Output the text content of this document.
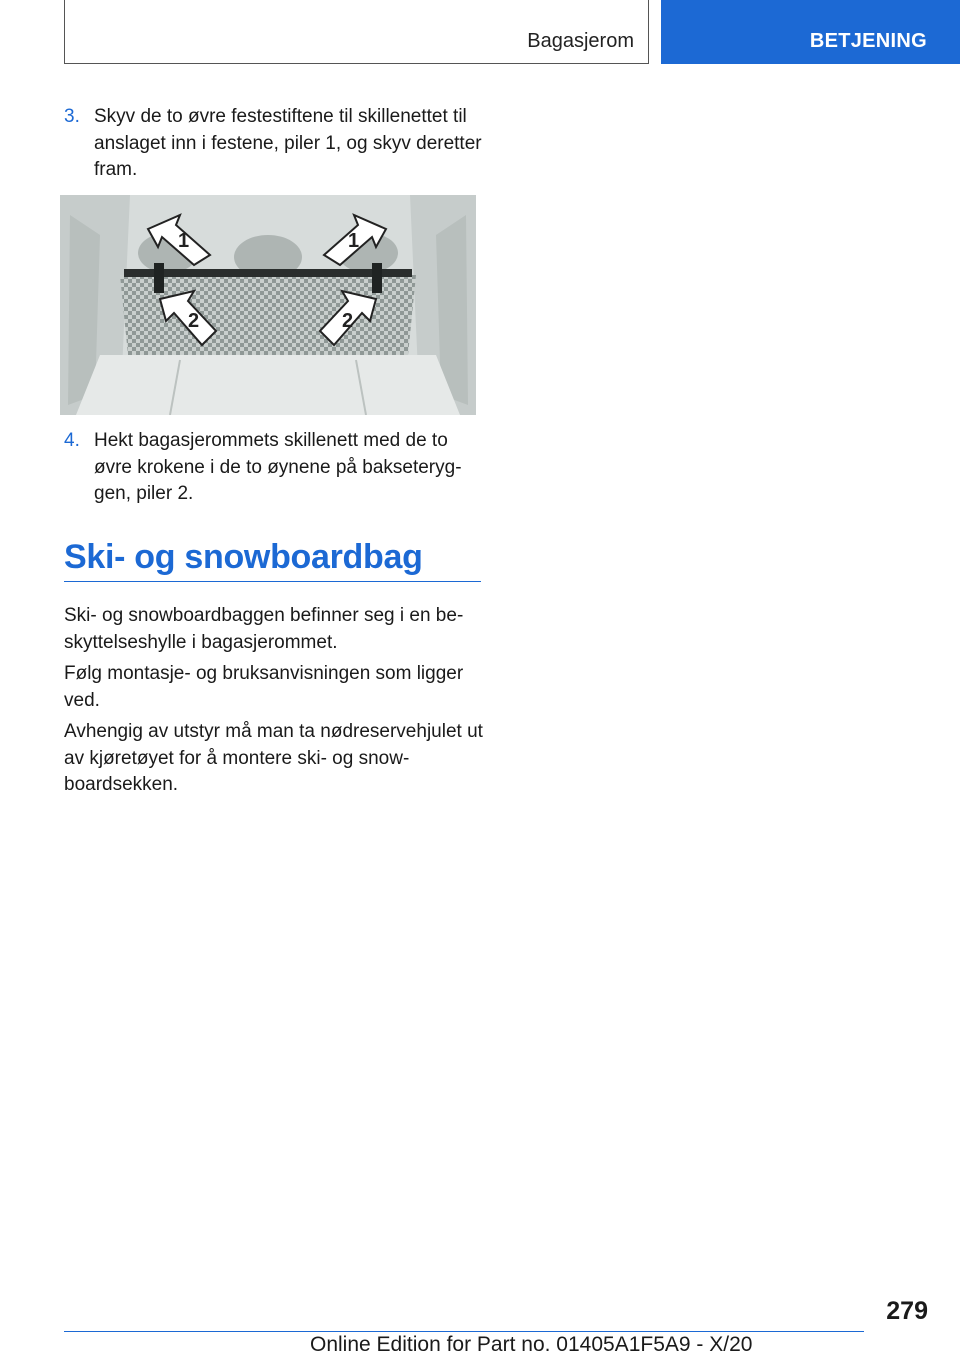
Bagasjerom	BETJENING
3. Skyv de to øvre festestiftene til skillenettet til anslaget inn i festene, piler 1, og skyv deretter fram.
1	1
2	2
4. Hekt bagasjerommets skillenett med de to øvre krokene i de to øynene på bakseteryggen, piler 2.
Ski- og snowboardbag
Ski- og snowboardbaggen befinner seg i en beskyttelseshylle i bagasjerommet.
Følg montasje- og bruksanvisningen som ligger ved.
Avhengig av utstyr må man ta nødreservehjulet ut av kjøretøyet for å montere ski- og snowboardsekken.
279
Online Edition for Part no. 01405A1F5A9 - X/20
